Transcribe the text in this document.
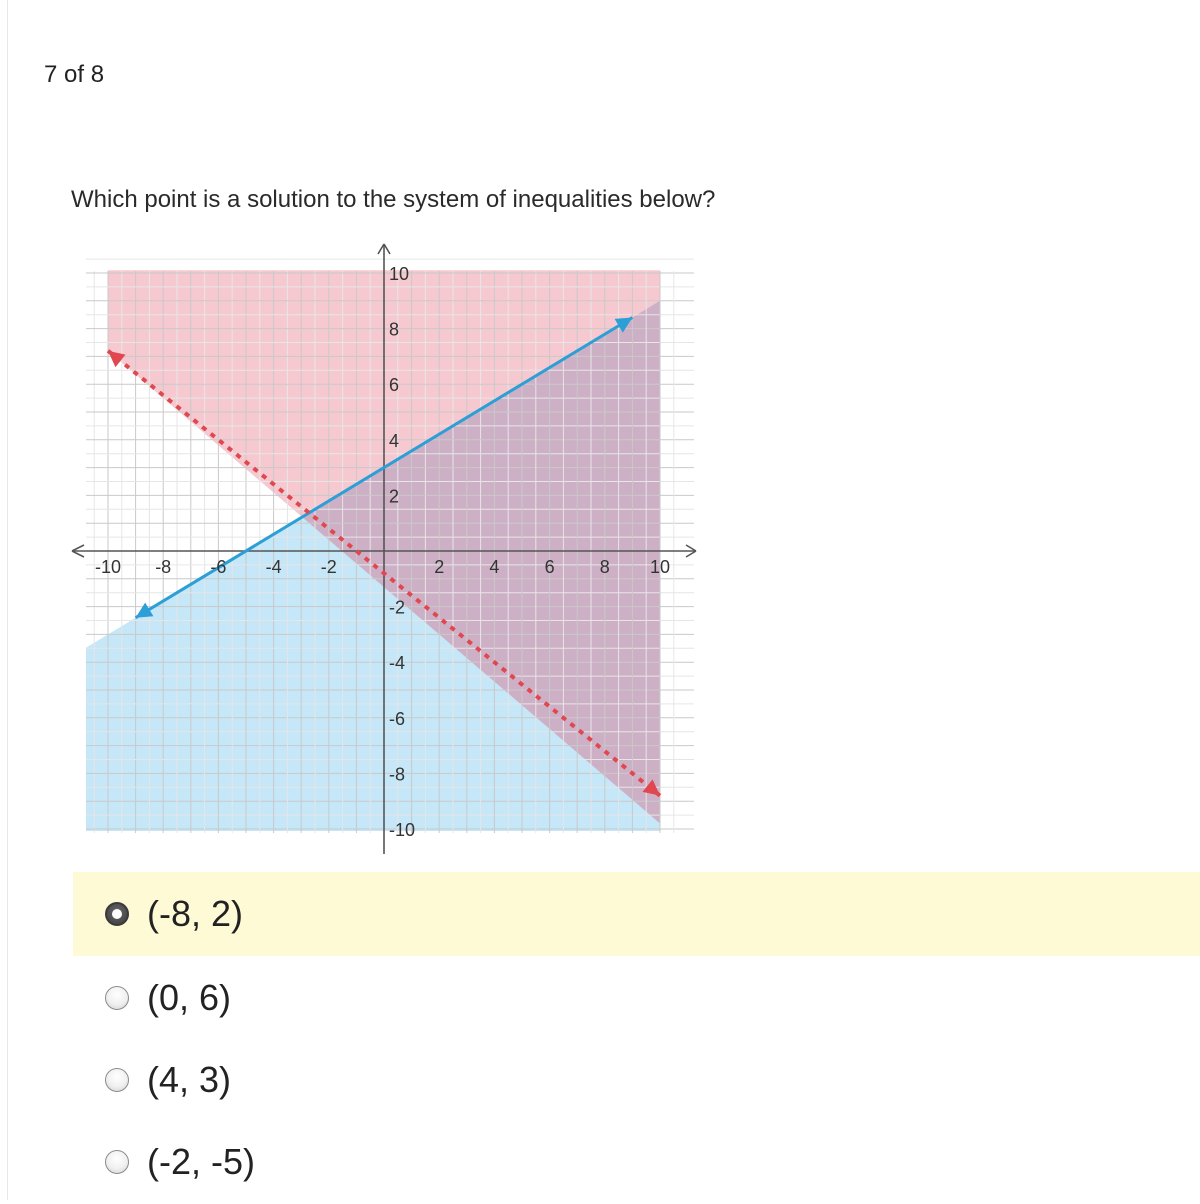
7 of 8
Which point is a solution to the system of inequalities below?
-10 -8 -6 -4 -2	2	4	6	8 10
10
8
6
4
2
-2
-4
-6
-8
-10
(-8, 2)
(0, 6)
(4, 3)
(-2, -5)
